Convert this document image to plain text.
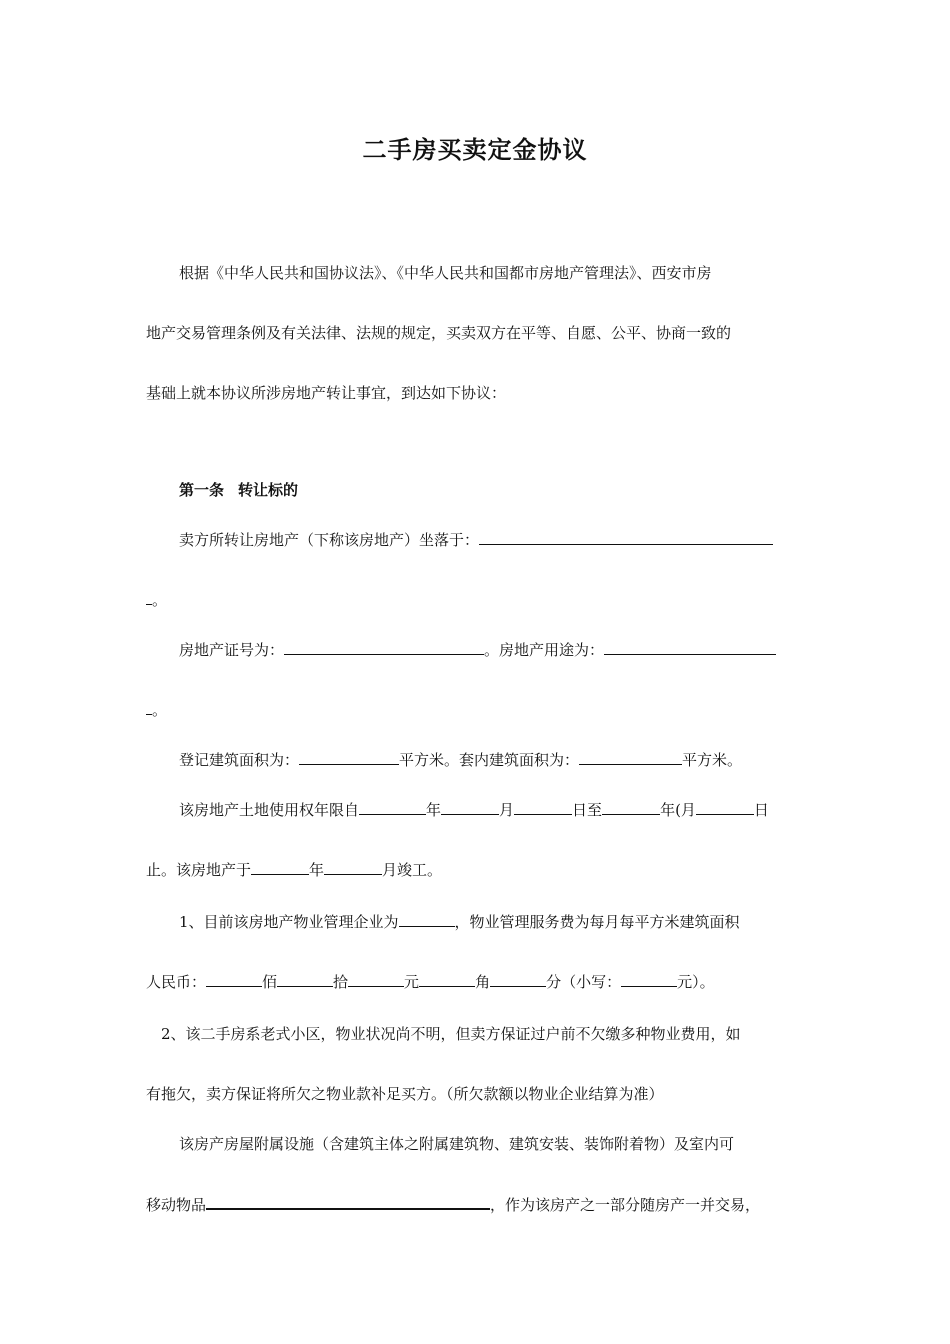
二手房买卖定金协议
根据《中华人民共和国协议法》、《中华人民共和国都市房地产管理法》、西安市房
地产交易管理条例及有关法律、法规的规定，买卖双方在平等、自愿、公平、协商一致的
基础上就本协议所涉房地产转让事宜，到达如下协议：
第一条 转让标的
卖方所转让房地产（下称该房地产）坐落于：
。
房地产证号为：	。房地产用途为：
。
登记建筑面积为：	平方米。套内建筑面积为：	平方米。
该房地产土地使用权年限自	年	月	日至	年(月	日
止。该房地产于	年	月竣工。
1、目前该房地产物业管理企业为	，物业管理服务费为每月每平方米建筑面积
人民币：	佰	拾	元	角	分（小写：	元）。
2、该二手房系老式小区，物业状况尚不明，但卖方保证过户前不欠缴多种物业费用，如
有拖欠，卖方保证将所欠之物业款补足买方。（所欠款额以物业企业结算为准）
该房产房屋附属设施（含建筑主体之附属建筑物、建筑安装、装饰附着物）及室内可
移动物品	，作为该房产之一部分随房产一并交易，
